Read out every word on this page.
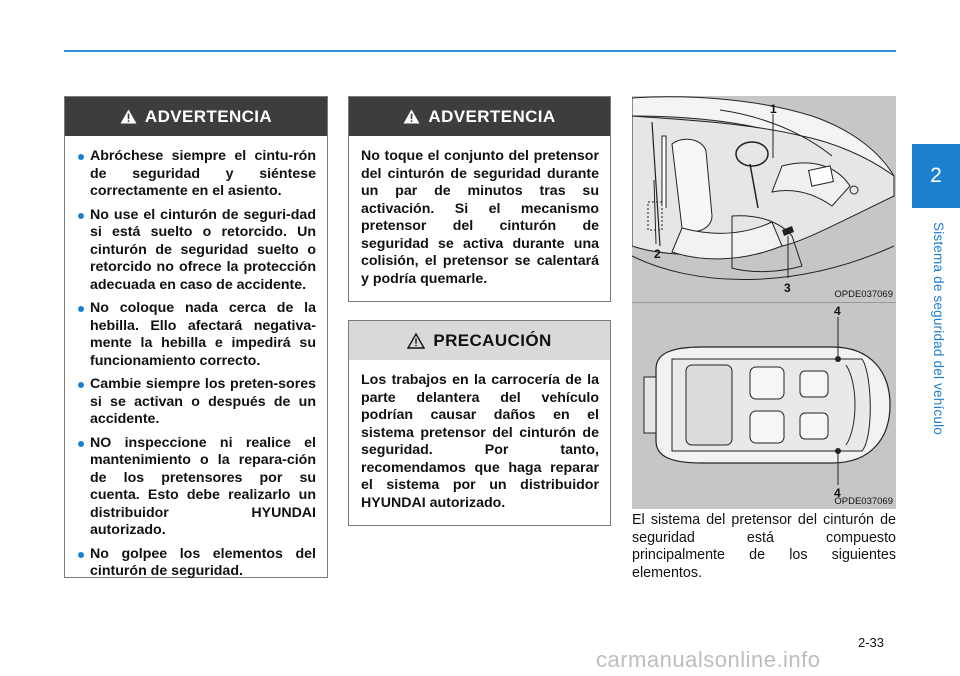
2
Sistema de seguridad del vehículo
ADVERTENCIA
Abróchese siempre el cintu-rón de seguridad y siéntese correctamente en el asiento.
No use el cinturón de seguri-dad si está suelto o retorcido. Un cinturón de seguridad suelto o retorcido no ofrece la protección adecuada en caso de accidente.
No coloque nada cerca de la hebilla. Ello afectará negativa-mente la hebilla e impedirá su funcionamiento correcto.
Cambie siempre los preten-sores si se activan o después de un accidente.
NO inspeccione ni realice el mantenimiento o la repara-ción de los pretensores por su cuenta. Esto debe realizarlo un distribuidor HYUNDAI autorizado.
No golpee los elementos del cinturón de seguridad.
ADVERTENCIA

No toque el conjunto del pretensor del cinturón de seguridad durante un par de minutos tras su activación. Si el mecanismo pretensor del cinturón de seguridad se activa durante una colisión, el pretensor se calentará y podría quemarle.

PRECAUCIÓN

Los trabajos en la carrocería de la parte delantera del vehículo podrían causar daños en el sistema pretensor del cinturón de seguridad. Por tanto, recomendamos que haga reparar el sistema por un distribuidor HYUNDAI autorizado.

1
2
3	OPDE037069
4
4
OPDE037069
El sistema del pretensor del cinturón de seguridad está compuesto principalmente de los siguientes elementos.
2-33
carmanualsonline.info
